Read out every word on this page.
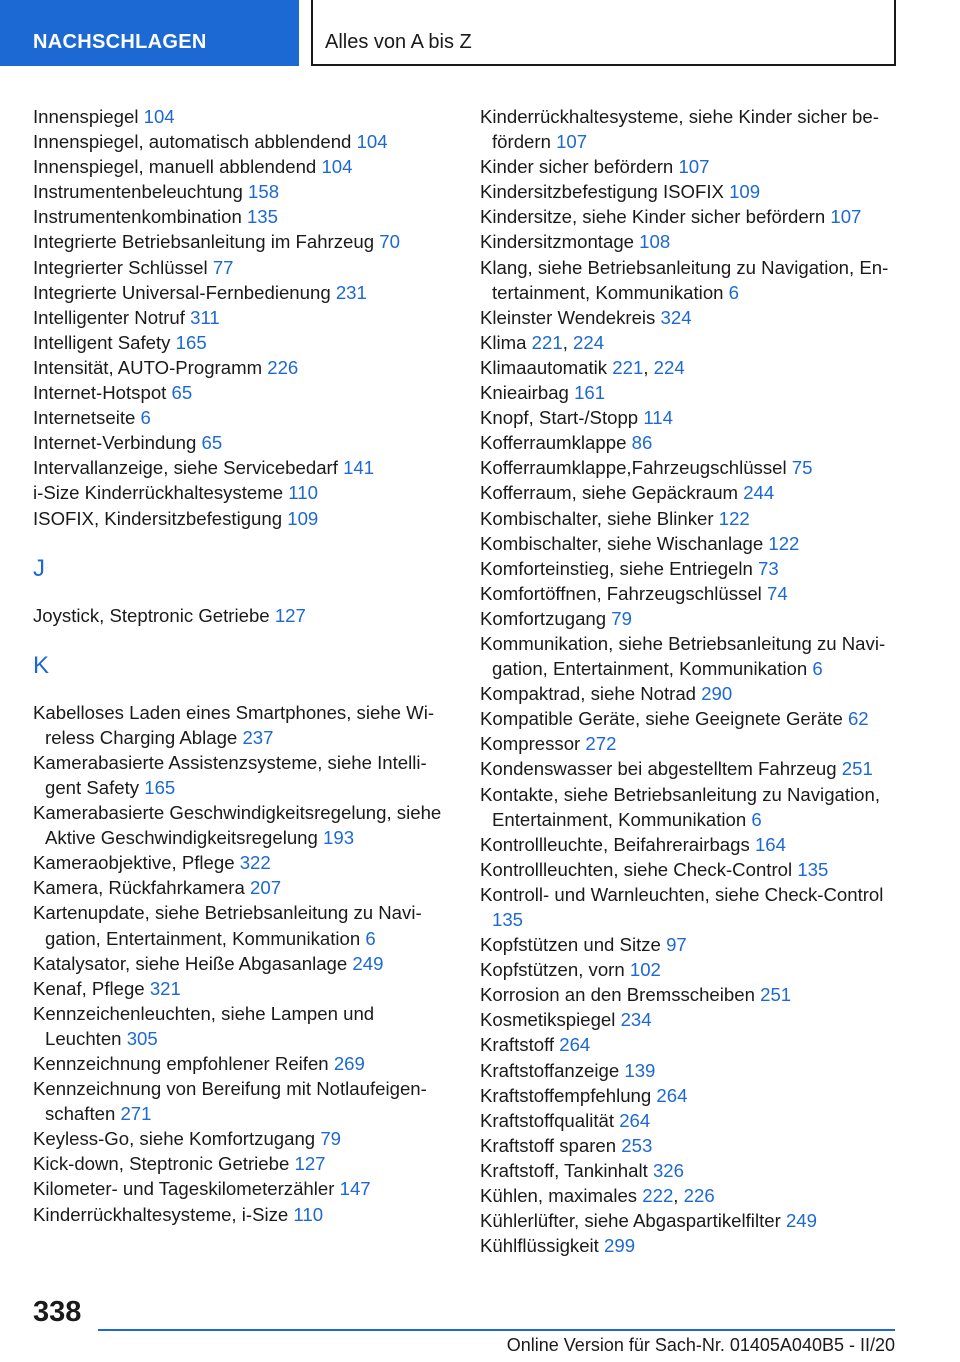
NACHSCHLAGEN	Alles von A bis Z
Innenspiegel 104
Innenspiegel, automatisch abblendend 104
Innenspiegel, manuell abblendend 104
Instrumentenbeleuchtung 158
Instrumentenkombination 135
Integrierte Betriebsanleitung im Fahrzeug 70
Integrierter Schlüssel 77
Integrierte Universal-Fernbedienung 231
Intelligenter Notruf 311
Intelligent Safety 165
Intensität, AUTO-Programm 226
Internet-Hotspot 65
Internetseite 6
Internet-Verbindung 65
Intervallanzeige, siehe Servicebedarf 141
i-Size Kinderrückhaltesysteme 110
ISOFIX, Kindersitzbefestigung 109
J
Joystick, Steptronic Getriebe 127
K
Kabelloses Laden eines Smartphones, siehe Wireless Charging Ablage 237
Kamerabasierte Assistenzsysteme, siehe Intelligent Safety 165
Kamerabasierte Geschwindigkeitsregelung, siehe Aktive Geschwindigkeitsregelung 193
Kameraobjektive, Pflege 322
Kamera, Rückfahrkamera 207
Kartenupdate, siehe Betriebsanleitung zu Navigation, Entertainment, Kommunikation 6
Katalysator, siehe Heiße Abgasanlage 249
Kenaf, Pflege 321
Kennzeichenleuchten, siehe Lampen und Leuchten 305
Kennzeichnung empfohlener Reifen 269
Kennzeichnung von Bereifung mit Notlaufeigenschaften 271
Keyless-Go, siehe Komfortzugang 79
Kick-down, Steptronic Getriebe 127
Kilometer- und Tageskilometerzähler 147
Kinderrückhaltesysteme, i-Size 110
Kinderrückhaltesysteme, siehe Kinder sicher befördern 107
Kinder sicher befördern 107
Kindersitzbefestigung ISOFIX 109
Kindersitze, siehe Kinder sicher befördern 107
Kindersitzmontage 108
Klang, siehe Betriebsanleitung zu Navigation, Entertainment, Kommunikation 6
Kleinster Wendekreis 324
Klima 221, 224
Klimaautomatik 221, 224
Knieairbag 161
Knopf, Start-/Stopp 114
Kofferraumklappe 86
Kofferraumklappe,Fahrzeugschlüssel 75
Kofferraum, siehe Gepäckraum 244
Kombischalter, siehe Blinker 122
Kombischalter, siehe Wischanlage 122
Komforteinstieg, siehe Entriegeln 73
Komfortöffnen, Fahrzeugschlüssel 74
Komfortzugang 79
Kommunikation, siehe Betriebsanleitung zu Navigation, Entertainment, Kommunikation 6
Kompaktrad, siehe Notrad 290
Kompatible Geräte, siehe Geeignete Geräte 62
Kompressor 272
Kondenswasser bei abgestelltem Fahrzeug 251
Kontakte, siehe Betriebsanleitung zu Navigation, Entertainment, Kommunikation 6
Kontrollleuchte, Beifahrerairbags 164
Kontrollleuchten, siehe Check-Control 135
Kontroll- und Warnleuchten, siehe Check-Control 135
Kopfstützen und Sitze 97
Kopfstützen, vorn 102
Korrosion an den Bremsscheiben 251
Kosmetikspiegel 234
Kraftstoff 264
Kraftstoffanzeige 139
Kraftstoffempfehlung 264
Kraftstoffqualität 264
Kraftstoff sparen 253
Kraftstoff, Tankinhalt 326
Kühlen, maximales 222, 226
Kühlerlüfter, siehe Abgaspartikelfilter 249
Kühlflüssigkeit 299
338
Online Version für Sach-Nr. 01405A040B5 - II/20
